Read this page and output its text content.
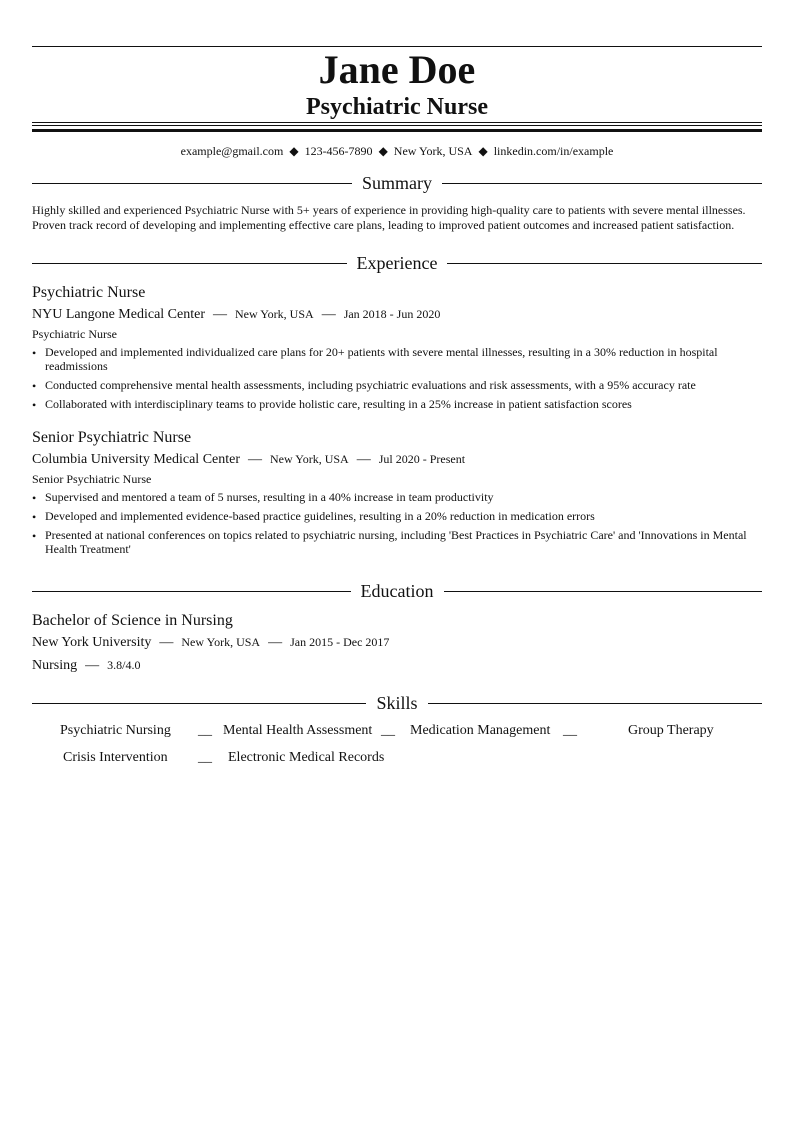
Jane Doe
Psychiatric Nurse
example@gmail.com ◆ 123-456-7890 ◆ New York, USA ◆ linkedin.com/in/example
Summary
Highly skilled and experienced Psychiatric Nurse with 5+ years of experience in providing high-quality care to patients with severe mental illnesses.
Proven track record of developing and implementing effective care plans, leading to improved patient outcomes and increased patient satisfaction.
Experience
Psychiatric Nurse
NYU Langone Medical Center — New York, USA — Jan 2018 - Jun 2020
Psychiatric Nurse
• Developed and implemented individualized care plans for 20+ patients with severe mental illnesses, resulting in a 30% reduction in hospital readmissions
• Conducted comprehensive mental health assessments, including psychiatric evaluations and risk assessments, with a 95% accuracy rate
• Collaborated with interdisciplinary teams to provide holistic care, resulting in a 25% increase in patient satisfaction scores
Senior Psychiatric Nurse
Columbia University Medical Center — New York, USA — Jul 2020 - Present
Senior Psychiatric Nurse
• Supervised and mentored a team of 5 nurses, resulting in a 40% increase in team productivity
• Developed and implemented evidence-based practice guidelines, resulting in a 20% reduction in medication errors
• Presented at national conferences on topics related to psychiatric nursing, including 'Best Practices in Psychiatric Care' and 'Innovations in Mental Health Treatment'
Education
Bachelor of Science in Nursing
New York University — New York, USA — Jan 2015 - Dec 2017
Nursing — 3.8/4.0
Skills
Psychiatric Nursing __ Mental Health Assessment __ Medication Management __	Group Therapy
Crisis Intervention __ Electronic Medical Records
